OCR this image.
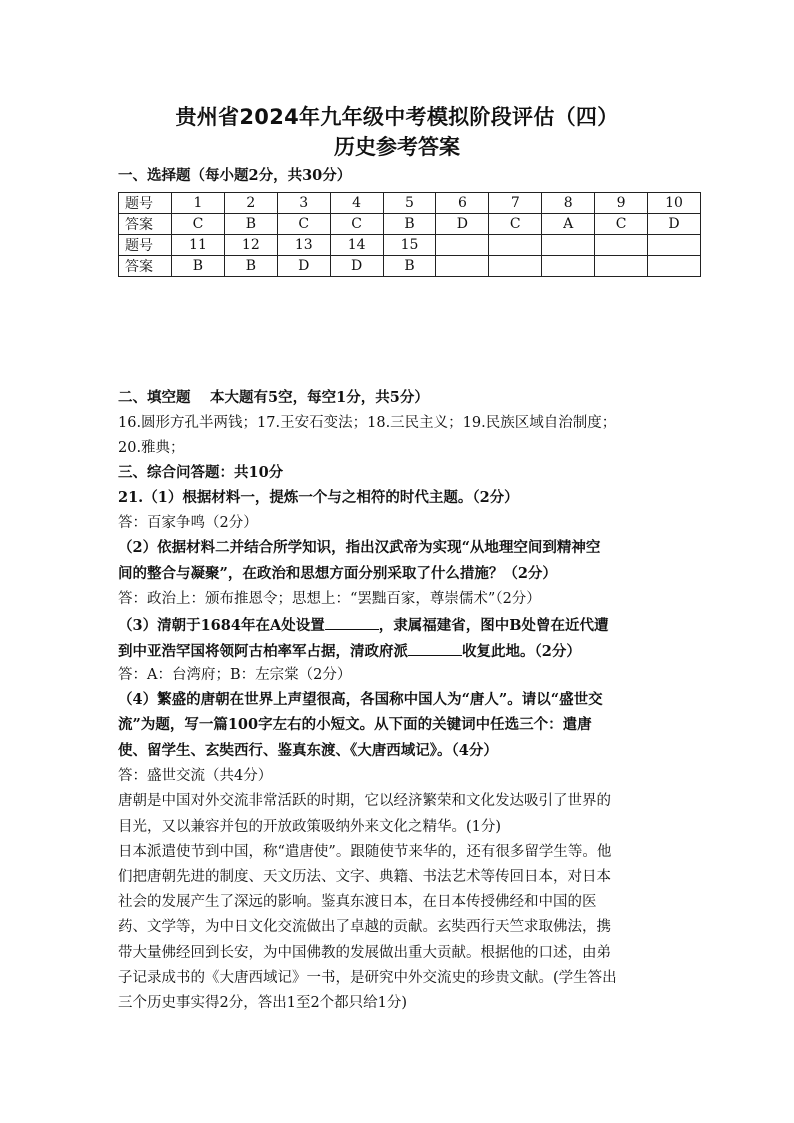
贵州省2024年九年级中考模拟阶段评估（四）
历史参考答案
一、选择题（每小题2分，共30分）
题号	1	2	3	4	5	6	7	8	9	10
答案	C	B	C	C	B	D	C	A	C	D
题号	11	12	13	14	15					
答案	B	B	D	D	B					
二、填空题　 本大题有5空，每空1分，共5分）
16.圆形方孔半两钱；17.王安石变法；18.三民主义；19.民族区域自治制度；
20.雅典；
三、综合问答题：共10分
21.（1）根据材料一，提炼一个与之相符的时代主题。（2分）
答：百家争鸣（2分）
（2）依据材料二并结合所学知识，指出汉武帝为实现“从地理空间到精神空
间的整合与凝聚”，在政治和思想方面分别采取了什么措施？（2分）
答：政治上：颁布推恩令；思想上：“罢黜百家，尊崇儒术”（2分）
（3）清朝于1684年在A处设置	，隶属福建省，图中B处曾在近代遭
到中亚浩罕国将领阿古柏率军占据，清政府派	收复此地。（2分）
答：A：台湾府；B：左宗棠（2分）
（4）繁盛的唐朝在世界上声望很高，各国称中国人为“唐人”。请以“盛世交
流”为题，写一篇100字左右的小短文。从下面的关键词中任选三个：遣唐
使、留学生、玄奘西行、鉴真东渡、《大唐西域记》。（4分）
答：盛世交流（共4分）
唐朝是中国对外交流非常活跃的时期，它以经济繁荣和文化发达吸引了世界的
目光，又以兼容并包的开放政策吸纳外来文化之精华。(1分)
日本派遣使节到中国，称“遣唐使”。跟随使节来华的，还有很多留学生等。他
们把唐朝先进的制度、天文历法、文字、典籍、书法艺术等传回日本，对日本
社会的发展产生了深远的影响。鉴真东渡日本，在日本传授佛经和中国的医
药、文学等，为中日文化交流做出了卓越的贡献。玄奘西行天竺求取佛法，携
带大量佛经回到长安，为中国佛教的发展做出重大贡献。根据他的口述，由弟
子记录成书的《大唐西域记》一书，是研究中外交流史的珍贵文献。(学生答出
三个历史事实得2分，答出1至2个都只给1分)
